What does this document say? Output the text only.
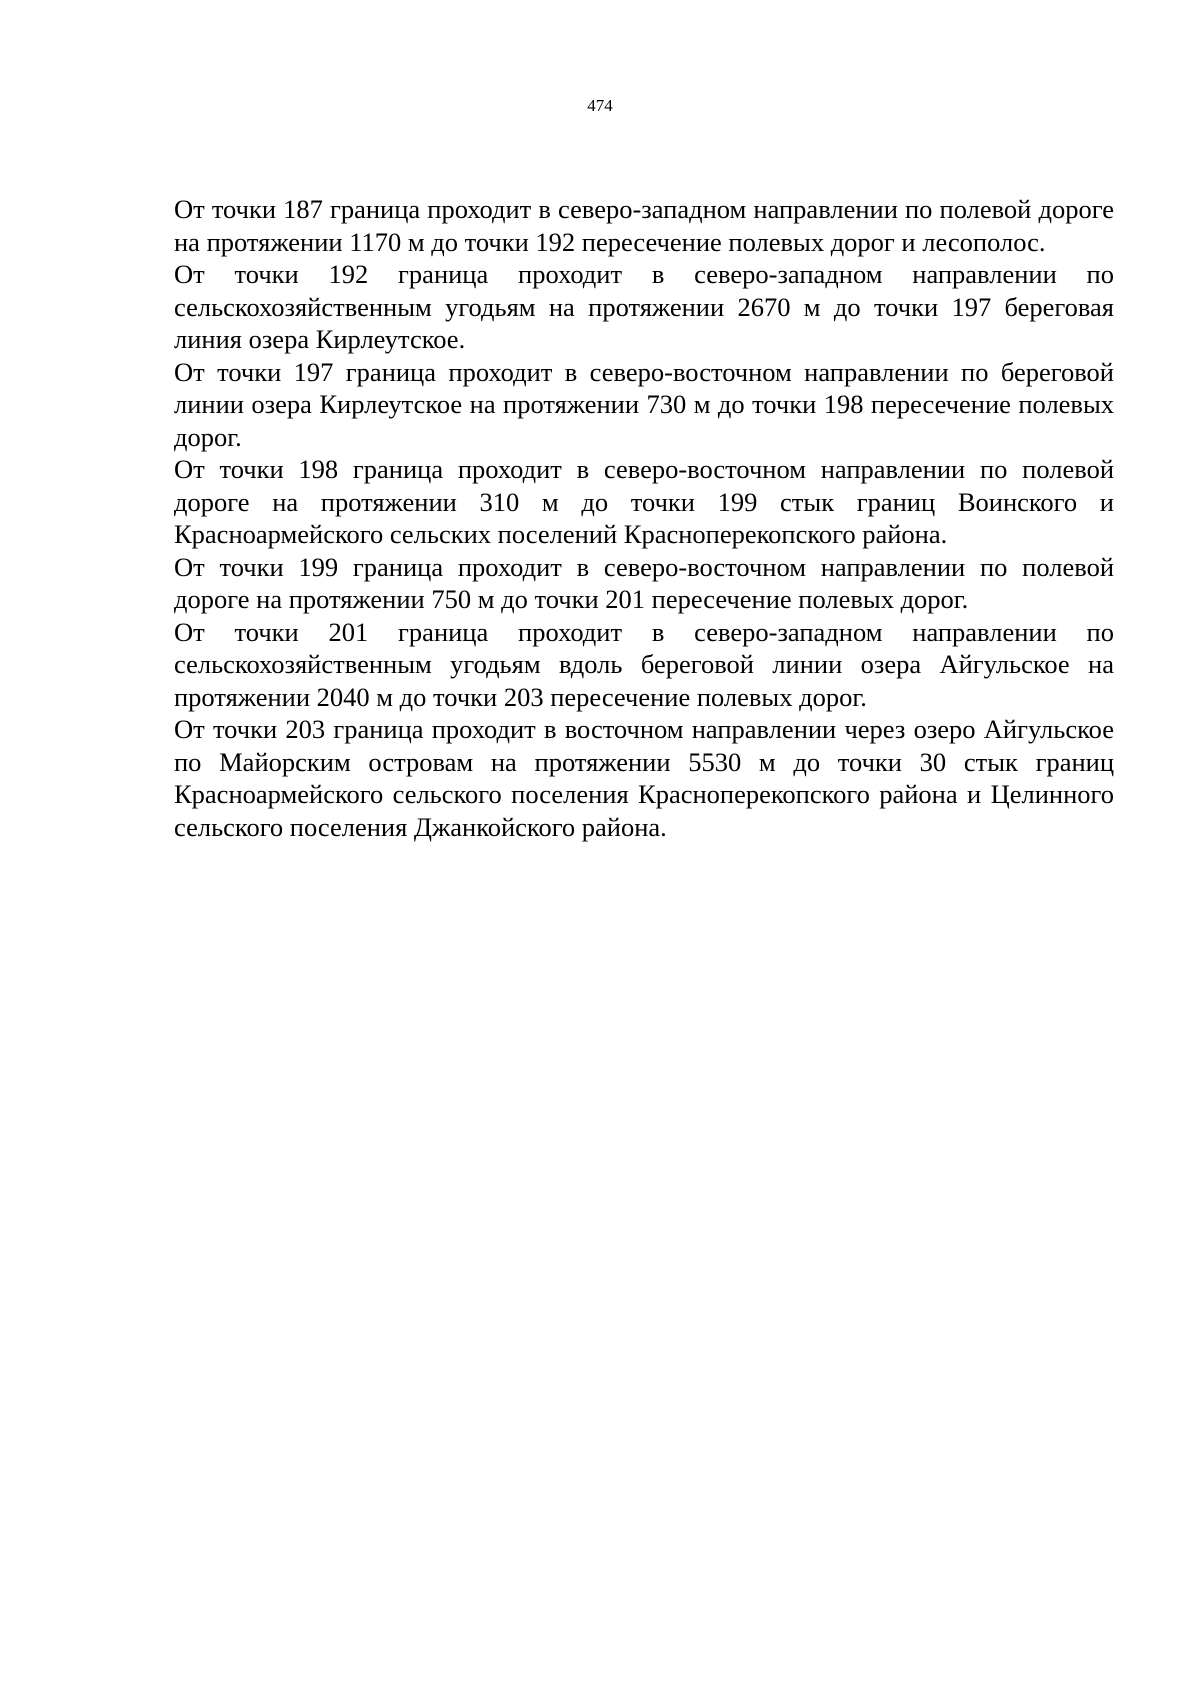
474

От точки 187 граница проходит в северо-западном направлении по полевой дороге на протяжении 1170 м до точки 192 пересечение полевых дорог и лесополос.

От точки 192 граница проходит в северо-западном направлении по сельскохозяйственным угодьям на протяжении 2670 м до точки 197 береговая линия озера Кирлеутское.

От точки 197 граница проходит в северо-восточном направлении по береговой линии озера Кирлеутское на протяжении 730 м до точки 198 пересечение полевых дорог.

От точки 198 граница проходит в северо-восточном направлении по полевой дороге на протяжении 310 м до точки 199 стык границ Воинского и Красноармейского сельских поселений Красноперекопского района.

От точки 199 граница проходит в северо-восточном направлении по полевой дороге на протяжении 750 м до точки 201 пересечение полевых дорог.

От точки 201 граница проходит в северо-западном направлении по сельскохозяйственным угодьям вдоль береговой линии озера Айгульское на протяжении 2040 м до точки 203 пересечение полевых дорог.

От точки 203 граница проходит в восточном направлении через озеро Айгульское по Майорским островам на протяжении 5530 м до точки 30 стык границ Красноармейского сельского поселения Красноперекопского района и Целинного сельского поселения Джанкойского района.
